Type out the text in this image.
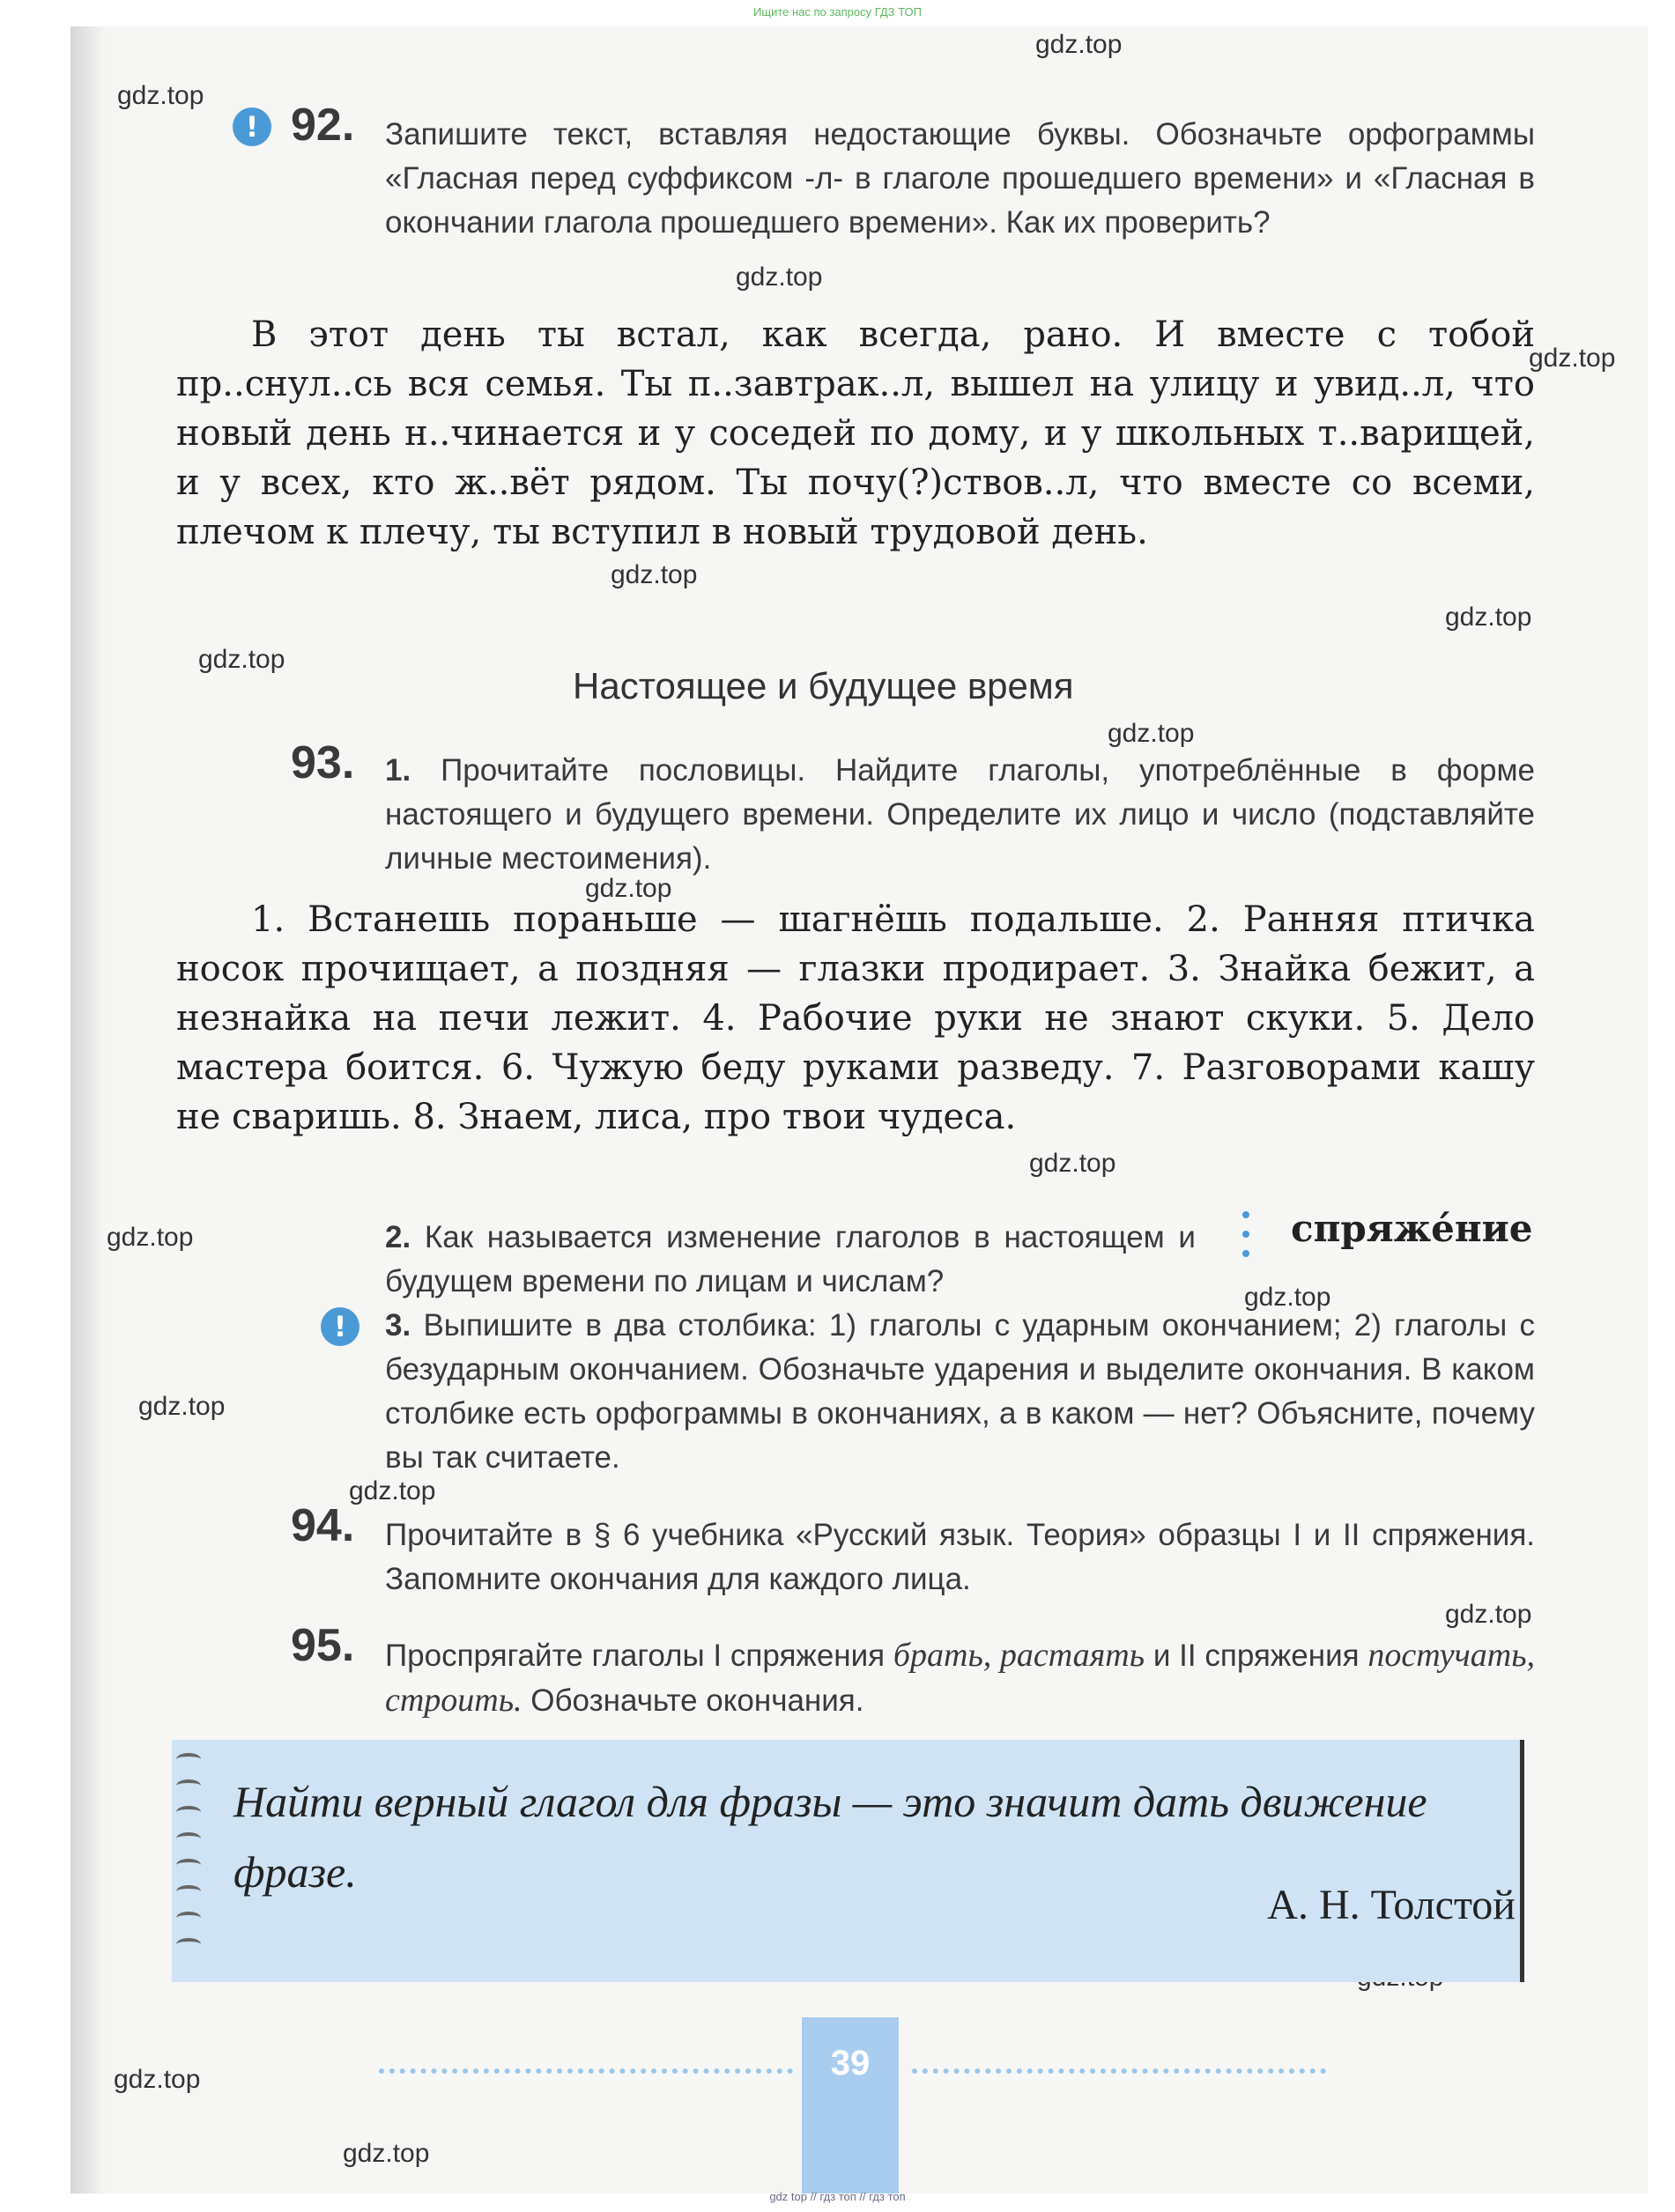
Ищите нас по запросу ГДЗ ТОП
gdz.top
gdz.top
gdz.top
gdz.top
gdz.top
gdz.top
gdz.top
gdz.top
gdz.top
gdz.top
gdz.top
gdz.top
gdz.top
gdz.top
gdz.top
gdz.top
gdz.top
! 92. Запишите текст, вставляя недостающие буквы. Обозначьте орфограммы «Гласная перед суффиксом -л- в глаголе прошедшего времени» и «Гласная в окончании глагола прошедшего времени». Как их проверить?
В этот день ты встал, как всегда, рано. И вместе с тобой пр..снул..сь вся семья. Ты п..завтрак..л, вышел на улицу и увид..л, что новый день н..чинается и у соседей по дому, и у школьных т..варищей, и у всех, кто ж..вёт рядом. Ты почу(?)ствов..л, что вместе со всеми, плечом к плечу, ты вступил в новый трудовой день.
Настоящее и будущее время
93. 1. Прочитайте пословицы. Найдите глаголы, употреблённые в форме настоящего и будущего времени. Определите их лицо и число (подставляйте личные местоимения).
1. Встанешь пораньше — шагнёшь подальше. 2. Ранняя птичка носок прочищает, а поздняя — глазки продирает. 3. Знайка бежит, а незнайка на печи лежит. 4. Рабочие руки не знают скуки. 5. Дело мастера боится. 6. Чужую беду руками разведу. 7. Разговорами кашу не сваришь. 8. Знаем, лиса, про твои чудеса.
2. Как называется изменение глаголов в настоящем и будущем времени по лицам и числам?
спряжéние
!	3. Выпишите в два столбика: 1) глаголы с ударным окончанием; 2) глаголы с безударным окончанием. Обозначьте ударения и выделите окончания. В каком столбике есть орфограммы в окончаниях, а в каком — нет? Объясните, почему вы так считаете.
94. Прочитайте в § 6 учебника «Русский язык. Теория» образцы I и II спряжения. Запомните окончания для каждого лица.
95. Проспрягайте глаголы I спряжения брать, растаять и II спряжения постучать, строить. Обозначьте окончания.
Найти верный глагол для фразы — это значит дать движение фразе.
А. Н. Толстой
39
gdz top // гдз топ // гдз топ
